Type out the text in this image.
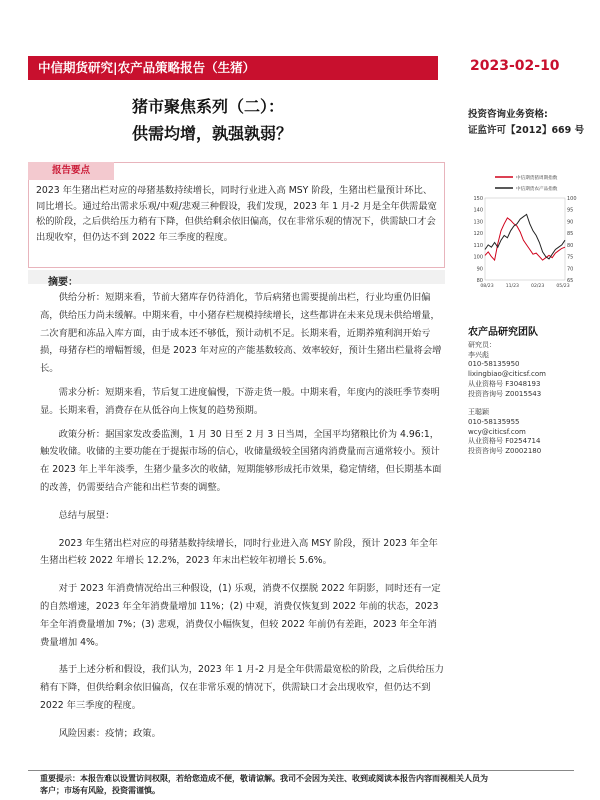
中信期货研究|农产品策略报告（生猪）	2023-02-10
猪市聚焦系列（二）：
供需均增，孰强孰弱？
投资咨询业务资格:
证监许可【2012】669 号
报告要点

2023 年生猪出栏对应的母猪基数持续增长，同时行业进入高 MSY 阶段，生猪出栏量预计环比、同比增长。通过给出需求乐观/中观/悲观三种假设，我们发现，2023 年 1 月-2 月是全年供需最宽松的阶段，之后供给压力稍有下降，但供给剩余依旧偏高，仅在非常乐观的情况下，供需缺口才会出现收窄，但仍达不到 2022 年三季度的程度。

摘要：

供给分析：短期来看，节前大猪库存仍待消化，节后病猪也需要提前出栏，行业均重仍旧偏高，供给压力尚未缓解。中期来看，中小猪存栏规模持续增长，这些都讲在未来兑现未供给增量，二次育肥和冻品入库方面，由于成本还不够低，预计动机不足。长期来看，近期养殖利润开始亏损，母猪存栏的增幅暂缓，但是 2023 年对应的产能基数较高、效率较好，预计生猪出栏量将会增长。

需求分析：短期来看，节后复工进度偏慢，下游走货一般。中期来看，年度内的淡旺季节奏明显。长期来看，消费存在从低谷向上恢复的趋势预期。

政策分析：据国家发改委监测，1 月 30 日至 2 月 3 日当周，全国平均猪粮比价为 4.96:1，触发收储。收储的主要功能在于提振市场的信心，收储量级较全国猪肉消费量而言通常较小。预计在 2023 年上半年淡季，生猪少量多次的收储，短期能够形成托市效果，稳定情绪，但长期基本面的改善，仍需要结合产能和出栏节奏的调整。

总结与展望：

2023 年生猪出栏对应的母猪基数持续增长，同时行业进入高 MSY 阶段，预计 2023 年全年生猪出栏较 2022 年增长 12.2%，2023 年末出栏较年初增长 5.6%。

对于 2023 年消费情况给出三种假设，(1) 乐观，消费不仅摆脱 2022 年阴影，同时还有一定的自然增速，2023 年全年消费量增加 11%；(2) 中观，消费仅恢复到 2022 年前的状态，2023 年全年消费量增加 7%；(3) 悲观，消费仅小幅恢复，但较 2022 年前仍有差距，2023 年全年消费量增加 4%。

基于上述分析和假设，我们认为，2023 年 1 月-2 月是全年供需最宽松的阶段，之后供给压力稍有下降，但供给剩余依旧偏高，仅在非常乐观的情况下，供需缺口才会出现收窄，但仍达不到 2022 年三季度的程度。

风险因素：疫情；政策。

中信期货猪周期指数
中信期货农产品指数
150
140
130
120
110
100
90
80
100
95
90
85
80
75
70
65
08/23	11/23	02/23	05/23
农产品研究团队
研究员：
李兴彪
010-58135950
lixingbiao@citicsf.com
从业资格号 F3048193
投资咨询号 Z0015543
王聪颖
010-58135955
wcy@citicsf.com
从业资格号 F0254714
投资咨询号 Z0002180
重要提示：本报告难以设置访问权限，若给您造成不便，敬请谅解。我司不会因为关注、收到或阅读本报告内容而视相关人员为
客户；市场有风险，投资需谨慎。
